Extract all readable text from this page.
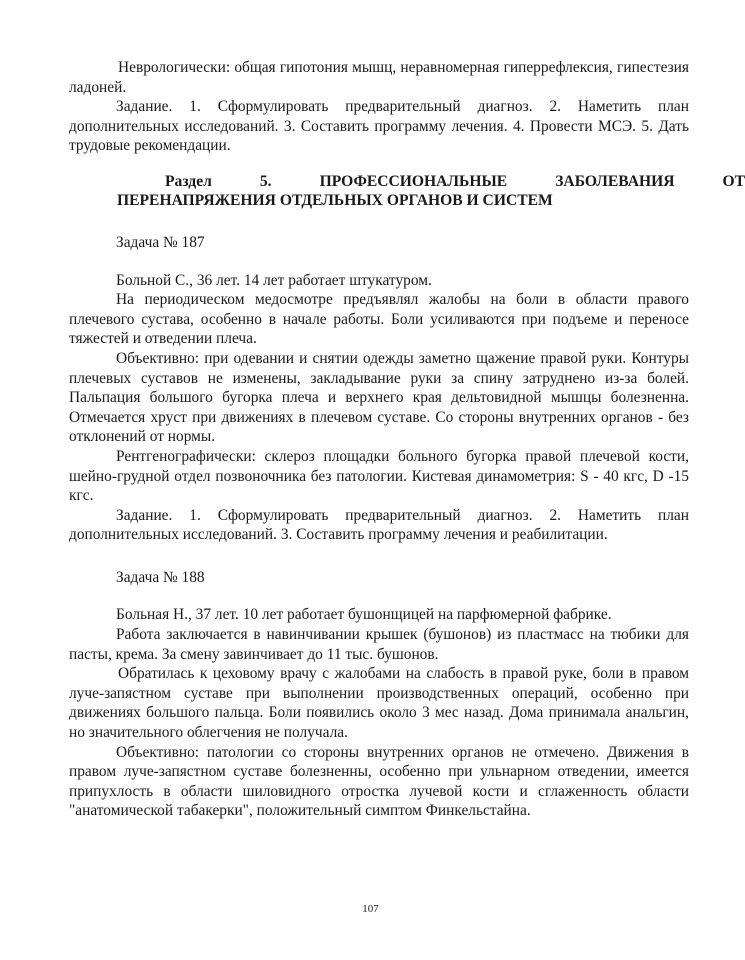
Неврологически: общая гипотония мышц, неравномерная гиперрефлексия, гипестезия ладоней.

Задание. 1. Сформулировать предварительный диагноз. 2. Наметить план дополнительных исследований. 3. Составить программу лечения. 4. Провести МСЭ. 5. Дать трудовые рекомендации.

Раздел	5.	ПРОФЕССИОНАЛЬНЫЕ	ЗАБОЛЕВАНИЯ	ОТ
ПЕРЕНАПРЯЖЕНИЯ ОТДЕЛЬНЫХ ОРГАНОВ И СИСТЕМ

Задача № 187

Больной С., 36 лет. 14 лет работает штукатуром.

На периодическом медосмотре предъявлял жалобы на боли в области правого плечевого сустава, особенно в начале работы. Боли усиливаются при подъеме и переносе тяжестей и отведении плеча.

Объективно: при одевании и снятии одежды заметно щажение правой руки. Контуры плечевых суставов не изменены, закладывание руки за спину затруднено из-за болей. Пальпация большого бугорка плеча и верхнего края дельтовидной мышцы болезненна. Отмечается хруст при движениях в плечевом суставе. Со стороны внутренних органов - без отклонений от нормы.

Рентгенографически: склероз площадки больного бугорка правой плечевой кости, шейно-грудной отдел позвоночника без патологии. Кистевая динамометрия: S - 40 кгс, D -15 кгс.

Задание. 1. Сформулировать предварительный диагноз. 2. Наметить план дополнительных исследований. 3. Составить программу лечения и реабилитации.

Задача № 188

Больная Н., 37 лет. 10 лет работает бушонщицей на парфюмерной фабрике.

Работа заключается в навинчивании крышек (бушонов) из пластмасс на тюбики для пасты, крема. За смену завинчивает до 11 тыс. бушонов.

Обратилась к цеховому врачу с жалобами на слабость в правой руке, боли в правом луче-запястном суставе при выполнении производственных операций, особенно при движениях большого пальца. Боли появились около 3 мес назад. Дома принимала анальгин, но значительного облегчения не получала.

Объективно: патологии со стороны внутренних органов не отмечено. Движения в правом луче-запястном суставе болезненны, особенно при ульнарном отведении, имеется припухлость в области шиловидного отростка лучевой кости и сглаженность области "анатомической табакерки", положительный симптом Финкельстайна.

107
